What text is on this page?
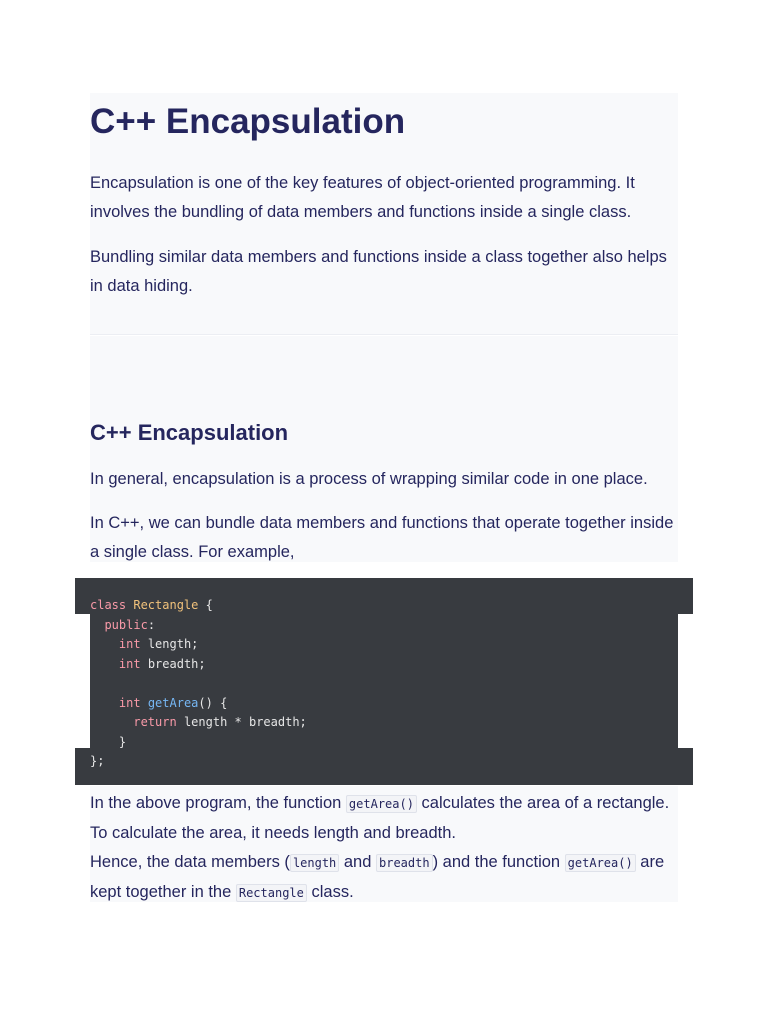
C++ Encapsulation

Encapsulation is one of the key features of object-oriented programming. It involves the bundling of data members and functions inside a single class.

Bundling similar data members and functions inside a class together also helps in data hiding.

C++ Encapsulation

In general, encapsulation is a process of wrapping similar code in one place.

In C++, we can bundle data members and functions that operate together inside a single class. For example,

class Rectangle {
public:
int length;
int breadth;
int getArea() {
return length * breadth;
}
};

In the above program, the function getArea() calculates the area of a rectangle. To calculate the area, it needs length and breadth.

Hence, the data members ( length and breadth ) and the function getArea() are kept together in the Rectangle class.
